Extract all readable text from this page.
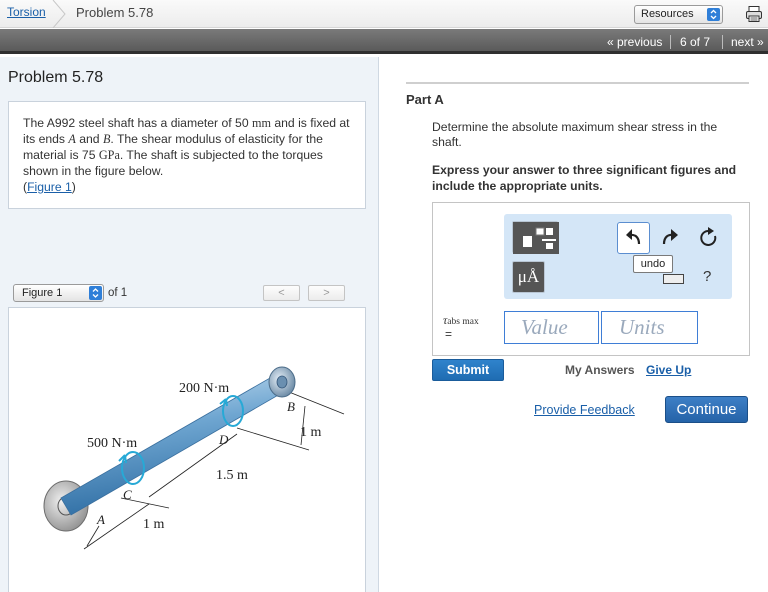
Torsion Problem 5.78	Resources
« previous 6 of 7 next »
Problem 5.78
The A992 steel shaft has a diameter of 50 mm and is fixed at its ends A and B. The shear modulus of elasticity for the material is 75 GPa. The shaft is subjected to the torques shown in the figure below.
(Figure 1)
Figure 1	of 1	<	>
200 N·m
500 N·m
B
D
C
A
1 m
1.5 m
1 m
Part A
Determine the absolute maximum shear stress in the shaft.
Express your answer to three significant figures and include the appropriate units.
μÅ
undo
?
τabs max
=	Value	Units
Submit	My Answers Give Up
Provide Feedback	Continue
